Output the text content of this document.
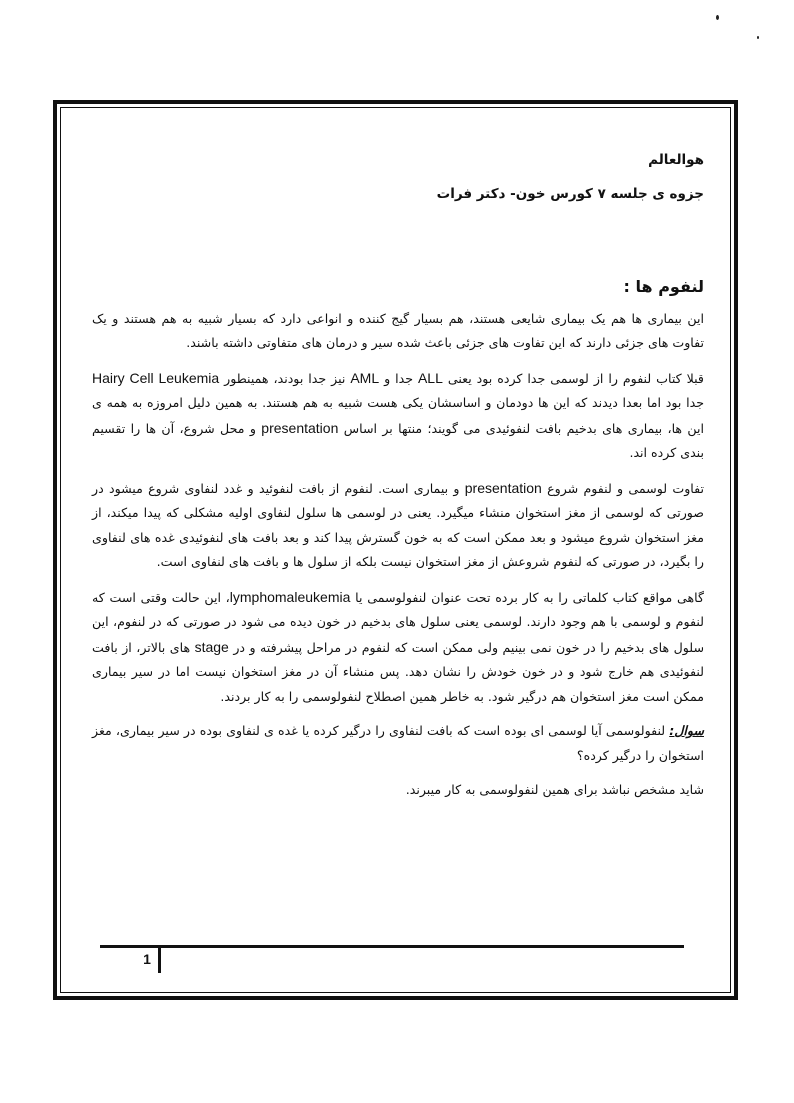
هوالعالم

جزوه ی جلسه ۷ کورس خون- دکتر فرات

لنفوم ها :

این بیماری ها هم یک بیماری شایعی هستند، هم بسیار گیج کننده و انواعی دارد که بسیار شبیه به هم هستند و یک تفاوت های جزئی دارند که این تفاوت های جزئی باعث شده سیر و درمان های متفاوتی داشته باشند.

قبلا کتاب لنفوم را از لوسمی جدا کرده بود یعنی ALL جدا و AML نیز جدا بودند، همینطور Hairy Cell Leukemia جدا بود اما بعدا دیدند که این ها دودمان و اساسشان یکی هست شبیه به هم هستند. به همین دلیل امروزه به همه ی این ها، بیماری های بدخیم بافت لنفوئیدی می گویند؛ منتها بر اساس presentation و محل شروع، آن ها را تقسیم بندی کرده اند.

تفاوت لوسمی و لنفوم شروع presentation و بیماری است. لنفوم از بافت لنفوئید و غدد لنفاوی شروع میشود در صورتی که لوسمی از مغز استخوان منشاء میگیرد. یعنی در لوسمی ها سلول لنفاوی اولیه مشکلی که پیدا میکند، از مغز استخوان شروع میشود و بعد ممکن است که به خون گسترش پیدا کند و بعد بافت های لنفوئیدی غده های لنفاوی را بگیرد، در صورتی که لنفوم شروعش از مغز استخوان نیست بلکه از سلول ها و بافت های لنفاوی است.

گاهی مواقع کتاب کلماتی را به کار برده تحت عنوان لنفولوسمی یا lymphomaleukemia، این حالت وقتی است که لنفوم و لوسمی با هم وجود دارند. لوسمی یعنی سلول های بدخیم در خون دیده می شود در صورتی که در لنفوم، این سلول های بدخیم را در خون نمی بینیم ولی ممکن است که لنفوم در مراحل پیشرفته و در stage های بالاتر، از بافت لنفوئیدی هم خارج شود و در خون خودش را نشان دهد. پس منشاء آن در مغز استخوان نیست اما در سیر بیماری ممکن است مغز استخوان هم درگیر شود. به خاطر همین اصطلاح لنفولوسمی را به کار بردند.

سوال: لنفولوسمی آیا لوسمی ای بوده است که بافت لنفاوی را درگیر کرده یا غده ی لنفاوی بوده در سیر بیماری، مغز استخوان را درگیر کرده؟

شاید مشخص نباشد برای همین لنفولوسمی به کار میبرند.

1
